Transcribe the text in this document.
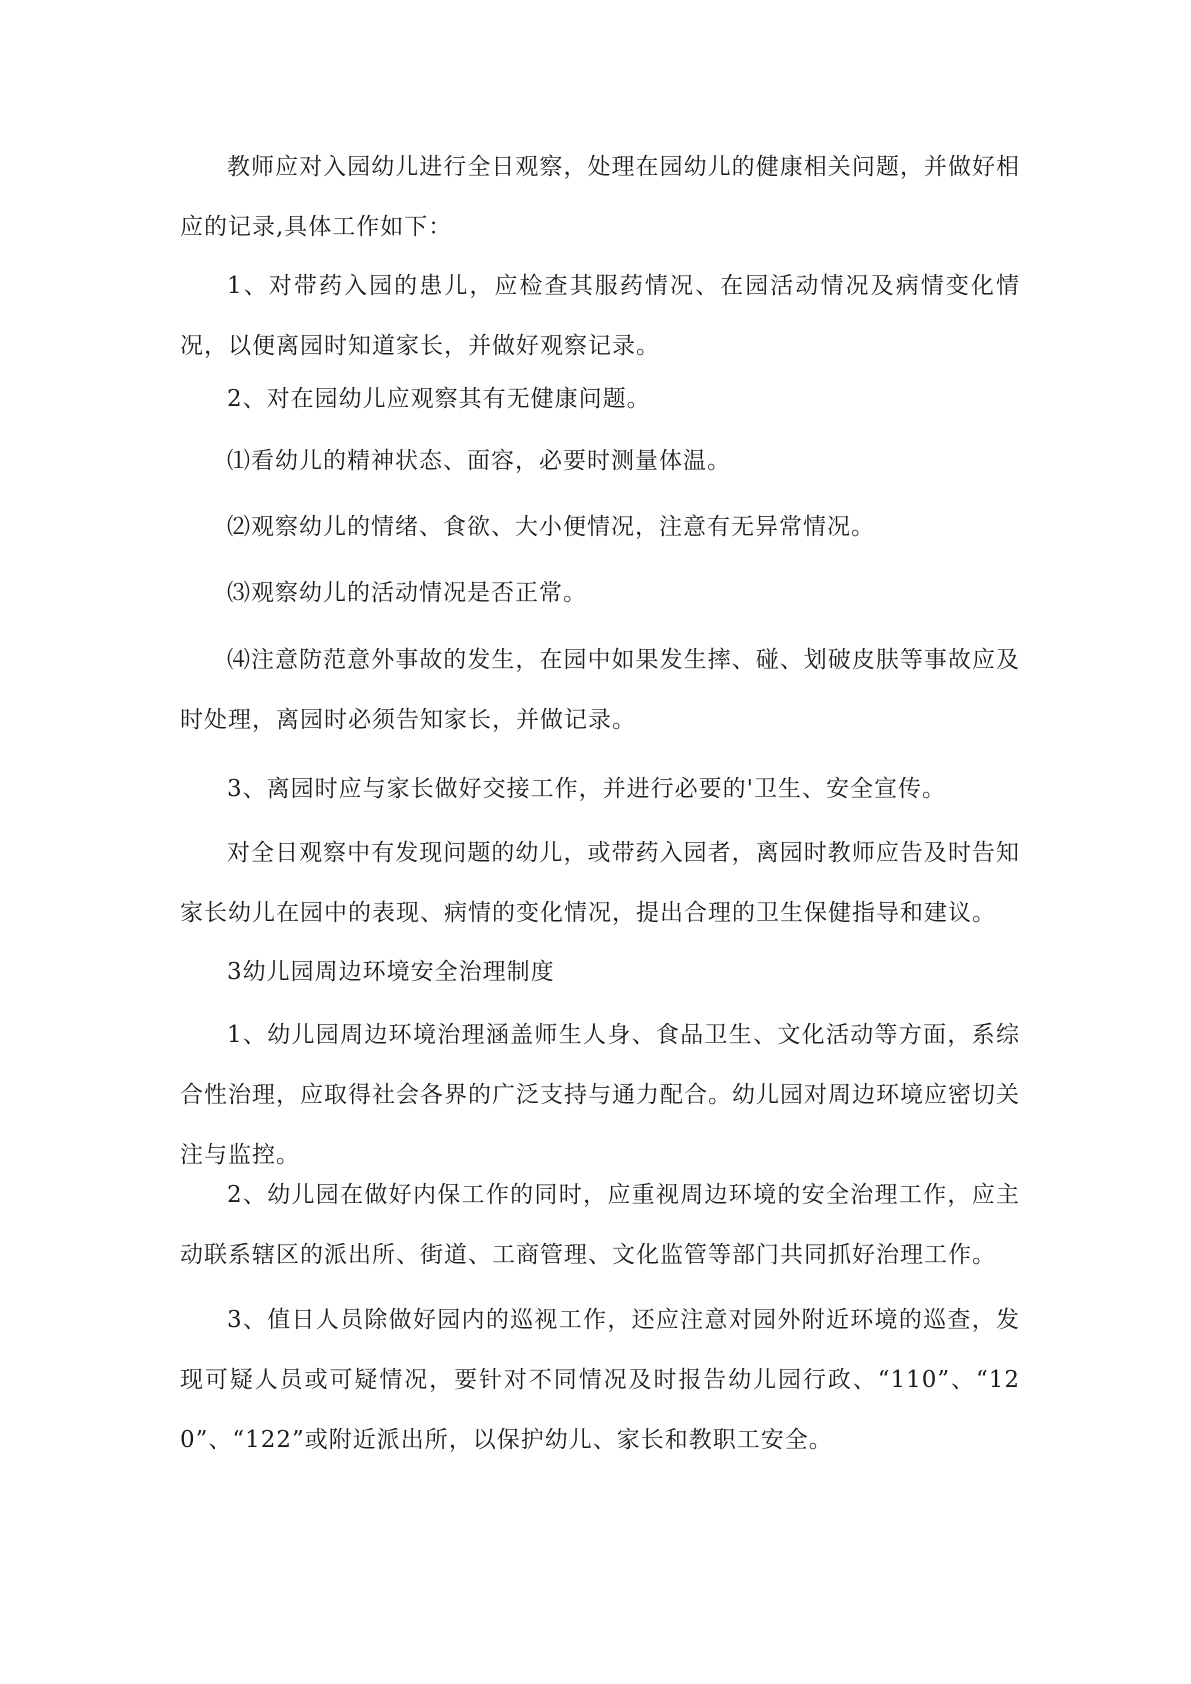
教师应对入园幼儿进行全日观察，处理在园幼儿的健康相关问题，并做好相应的记录,具体工作如下：

1、对带药入园的患儿，应检查其服药情况、在园活动情况及病情变化情况，以便离园时知道家长，并做好观察记录。

2、对在园幼儿应观察其有无健康问题。

⑴看幼儿的精神状态、面容，必要时测量体温。

⑵观察幼儿的情绪、食欲、大小便情况，注意有无异常情况。

⑶观察幼儿的活动情况是否正常。

⑷注意防范意外事故的发生，在园中如果发生摔、碰、划破皮肤等事故应及时处理，离园时必须告知家长，并做记录。

3、离园时应与家长做好交接工作，并进行必要的'卫生、安全宣传。

对全日观察中有发现问题的幼儿，或带药入园者，离园时教师应告及时告知家长幼儿在园中的表现、病情的变化情况，提出合理的卫生保健指导和建议。

3幼儿园周边环境安全治理制度

1、幼儿园周边环境治理涵盖师生人身、食品卫生、文化活动等方面，系综合性治理，应取得社会各界的广泛支持与通力配合。幼儿园对周边环境应密切关注与监控。

2、幼儿园在做好内保工作的同时，应重视周边环境的安全治理工作，应主动联系辖区的派出所、街道、工商管理、文化监管等部门共同抓好治理工作。

3、值日人员除做好园内的巡视工作，还应注意对园外附近环境的巡查，发现可疑人员或可疑情况，要针对不同情况及时报告幼儿园行政、“110”、“120”、“122”或附近派出所，以保护幼儿、家长和教职工安全。
